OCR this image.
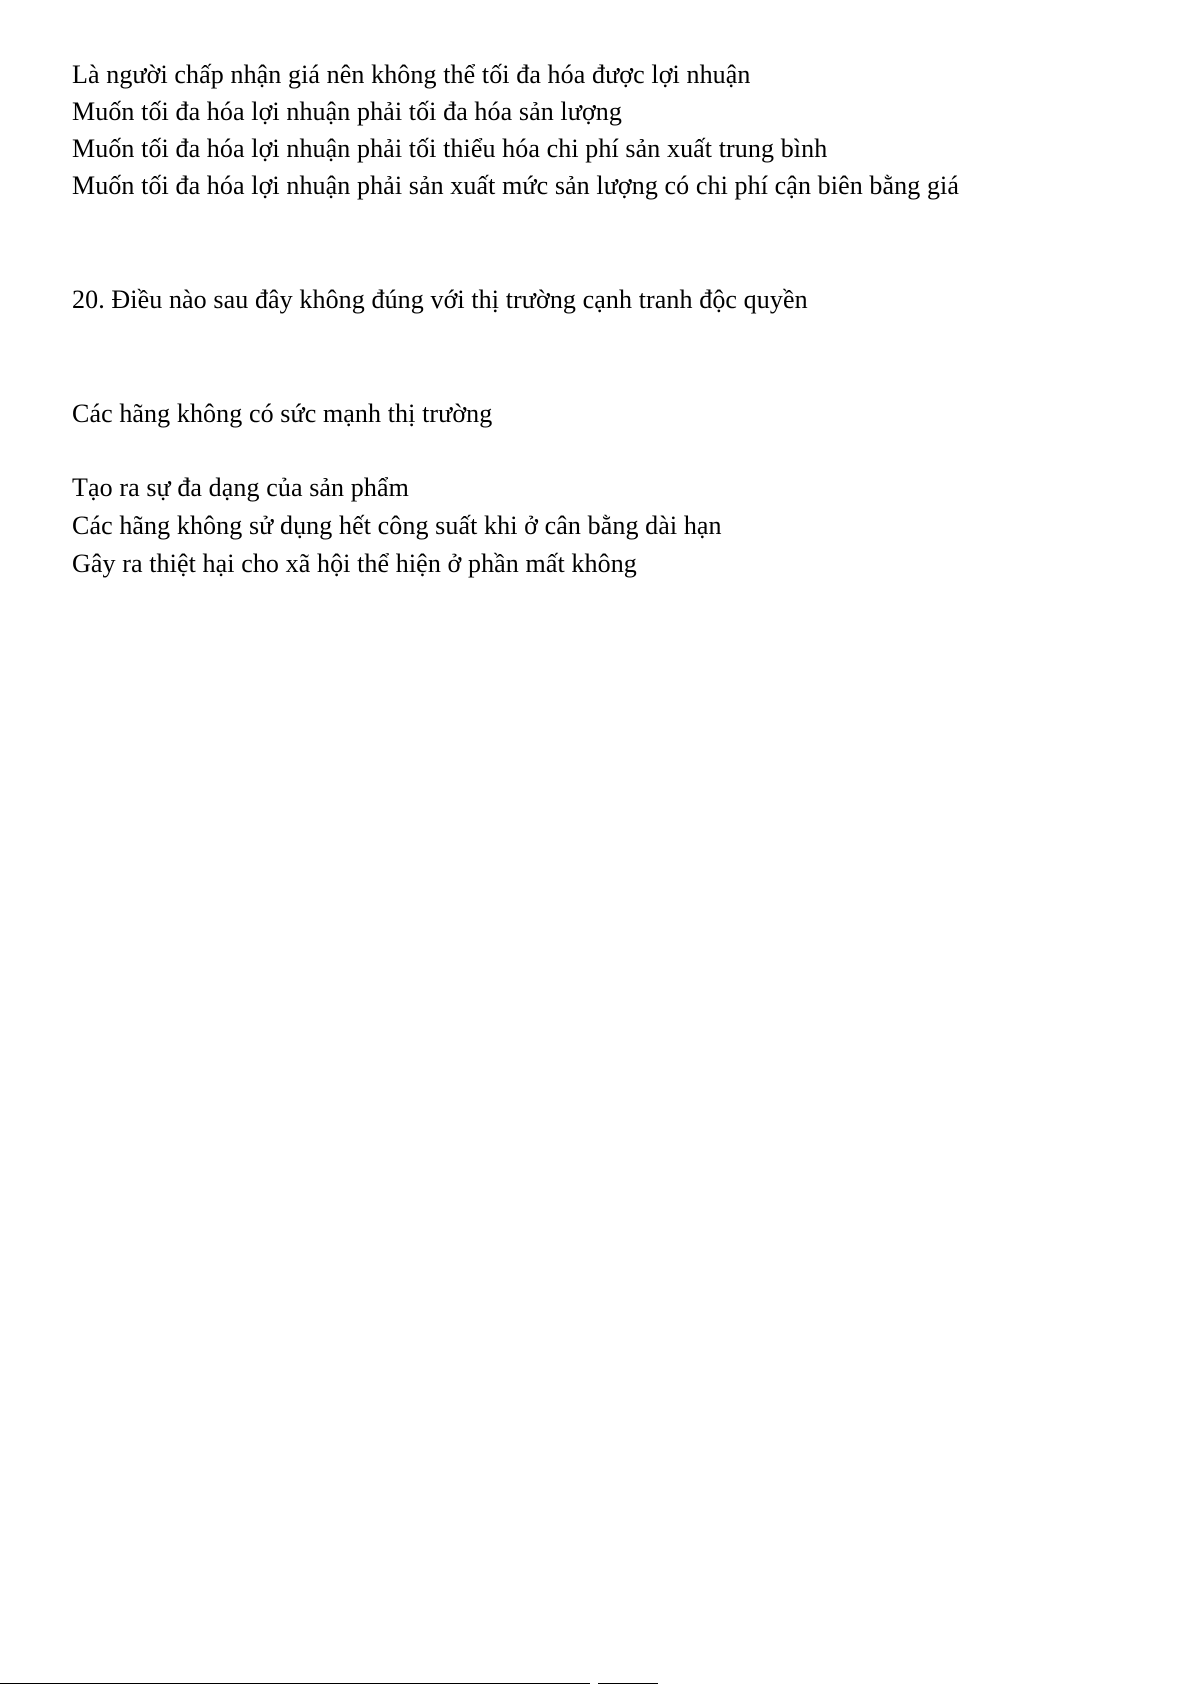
Là người chấp nhận giá nên không thể tối đa hóa được lợi nhuận
Muốn tối đa hóa lợi nhuận phải tối đa hóa sản lượng
Muốn tối đa hóa lợi nhuận phải tối thiểu hóa chi phí sản xuất trung bình
Muốn tối đa hóa lợi nhuận phải sản xuất mức sản lượng có chi phí cận biên bằng giá
20. Điều nào sau đây không đúng với thị trường cạnh tranh độc quyền
Các hãng không có sức mạnh thị trường
Tạo ra sự đa dạng của sản phẩm
Các hãng không sử dụng hết công suất khi ở cân bằng dài hạn
Gây ra thiệt hại cho xã hội thể hiện ở phần mất không
